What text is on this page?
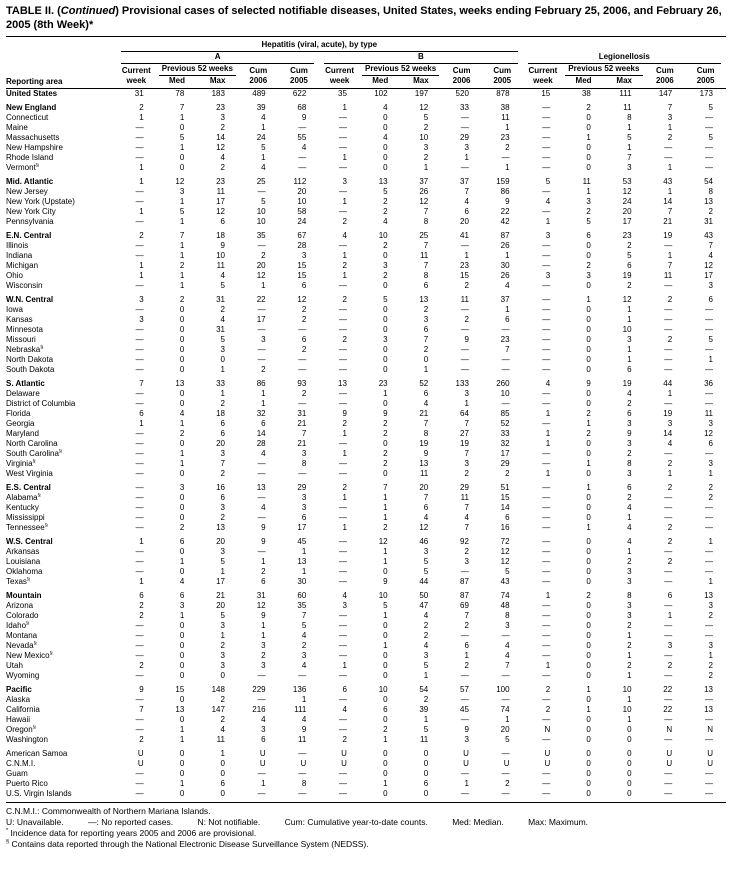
TABLE II. (Continued) Provisional cases of selected notifiable diseases, United States, weeks ending February 25, 2006, and February 26, 2005 (8th Week)*
Reporting area	Hepatitis (viral, acute), by type														

	A					B					Legionellosis				

	Current	Previous 52 weeks		Cum	Cum	Current	Previous 52 weeks		Cum	Cum	Current	Previous 52 weeks		Cum	Cum
	week	Med	Max	2006	2005	week	Med	Max	2006	2005	week	Med	Max	2006	2005
United States	31	78	183	489	622	35	102	197	520	878	15	38	111	147	173
New England	2	7	23	39	68	1	4	12	33	38	—	2	11	7	5
Connecticut	1	1	3	4	9	—	0	5	—	11	—	0	8	3	—
Maine	—	0	2	1	—	—	0	2	—	1	—	0	1	1	—
Massachusetts	—	5	14	24	55	—	4	10	29	23	—	1	5	2	5
New Hampshire	—	1	12	5	4	—	0	3	3	2	—	0	1	—	—
Rhode Island	—	0	4	1	—	1	0	2	1	—	—	0	7	—	—
Vermont§	1	0	2	4	—	—	0	1	—	1	—	0	3	1	—
Mid. Atlantic	1	12	23	25	112	3	13	37	37	159	5	11	53	43	54
New Jersey	—	3	11	—	20	—	5	26	7	86	—	1	12	1	8
New York (Upstate)	—	1	17	5	10	1	2	12	4	9	4	3	24	14	13
New York City	1	5	12	10	58	—	2	7	6	22	—	2	20	7	2
Pennsylvania	—	1	6	10	24	2	4	8	20	42	1	5	17	21	31
E.N. Central	2	7	18	35	67	4	10	25	41	87	3	6	23	19	43
Illinois	—	1	9	—	28	—	2	7	—	26	—	0	2	—	7
Indiana	—	1	10	2	3	1	0	11	1	1	—	0	5	1	4
Michigan	1	2	11	20	15	2	3	7	23	30	—	2	6	7	12
Ohio	1	1	4	12	15	1	2	8	15	26	3	3	19	11	17
Wisconsin	—	1	5	1	6	—	0	6	2	4	—	0	2	—	3
W.N. Central	3	2	31	22	12	2	5	13	11	37	—	1	12	2	6
Iowa	—	0	2	—	2	—	0	2	—	1	—	0	1	—	—
Kansas	3	0	4	17	2	—	0	3	2	6	—	0	1	—	—
Minnesota	—	0	31	—	—	—	0	6	—	—	—	0	10	—	—
Missouri	—	0	5	3	6	2	3	7	9	23	—	0	3	2	5
Nebraska§	—	0	3	—	2	—	0	2	—	7	—	0	1	—	—
North Dakota	—	0	0	—	—	—	0	0	—	—	—	0	1	—	1
South Dakota	—	0	1	2	—	—	0	1	—	—	—	0	6	—	—
S. Atlantic	7	13	33	86	93	13	23	52	133	260	4	9	19	44	36
Delaware	—	0	1	1	2	—	1	6	3	10	—	0	4	1	—
District of Columbia	—	0	2	1	—	—	0	4	1	—	—	0	2	—	—
Florida	6	4	18	32	31	9	9	21	64	85	1	2	6	19	11
Georgia	1	1	6	6	21	2	2	7	7	52	—	1	3	3	3
Maryland	—	2	6	14	7	1	2	8	27	33	1	2	9	14	12
North Carolina	—	0	20	28	21	—	0	19	19	32	1	0	3	4	6
South Carolina§	—	1	3	4	3	1	2	9	7	17	—	0	2	—	—
Virginia§	—	1	7	—	8	—	2	13	3	29	—	1	8	2	3
West Virginia	—	0	2	—	—	—	0	11	2	2	1	0	3	1	1
E.S. Central	—	3	16	13	29	2	7	20	29	51	—	1	6	2	2
Alabama§	—	0	6	—	3	1	1	7	11	15	—	0	2	—	2
Kentucky	—	0	3	4	3	—	1	6	7	14	—	0	4	—	—
Mississippi	—	0	2	—	6	—	1	4	4	6	—	0	1	—	—
Tennessee§	—	2	13	9	17	1	2	12	7	16	—	1	4	2	—
W.S. Central	1	6	20	9	45	—	12	46	92	72	—	0	4	2	1
Arkansas	—	0	3	—	1	—	1	3	2	12	—	0	1	—	—
Louisiana	—	1	5	1	13	—	1	5	3	12	—	0	2	2	—
Oklahoma	—	0	1	2	1	—	0	5	—	5	—	0	3	—	—
Texas§	1	4	17	6	30	—	9	44	87	43	—	0	3	—	1
Mountain	6	6	21	31	60	4	10	50	87	74	1	2	8	6	13
Arizona	2	3	20	12	35	3	5	47	69	48	—	0	3	—	3
Colorado	2	1	5	9	7	—	1	4	7	8	—	0	3	1	2
Idaho§	—	0	3	1	5	—	0	2	2	3	—	0	2	—	—
Montana	—	0	1	1	4	—	0	2	—	—	—	0	1	—	—
Nevada§	—	0	2	3	2	—	1	4	6	4	—	0	2	3	3
New Mexico§	—	0	3	2	3	—	0	3	1	4	—	0	1	—	1
Utah	2	0	3	3	4	1	0	5	2	7	1	0	2	2	2
Wyoming	—	0	0	—	—	—	0	1	—	—	—	0	1	—	2
Pacific	9	15	148	229	136	6	10	54	57	100	2	1	10	22	13
Alaska	—	0	2	—	1	—	0	2	—	—	—	0	1	—	—
California	7	13	147	216	111	4	6	39	45	74	2	1	10	22	13
Hawaii	—	0	2	4	4	—	0	1	—	1	—	0	1	—	—
Oregon§	—	1	4	3	9	—	2	5	9	20	N	0	0	N	N
Washington	2	1	11	6	11	2	1	11	3	5	—	0	0	—	—
American Samoa	U	0	1	U	—	U	0	0	U	—	U	0	0	U	U
C.N.M.I.	U	0	0	U	U	U	0	0	U	U	U	0	0	U	U
Guam	—	0	0	—	—	—	0	0	—	—	—	0	0	—	—
Puerto Rico	—	1	6	1	8	—	1	6	1	2	—	0	0	—	—
U.S. Virgin Islands	—	0	0	—	—	—	0	0	—	—	—	0	0	—	—
C.N.M.I.: Commonwealth of Northern Mariana Islands.
U: Unavailable.	—: No reported cases.	N: Not notifiable.	Cum: Cumulative year-to-date counts.	Med: Median.	Max: Maximum.
* Incidence data for reporting years 2005 and 2006 are provisional.
§ Contains data reported through the National Electronic Disease Surveillance System (NEDSS).
